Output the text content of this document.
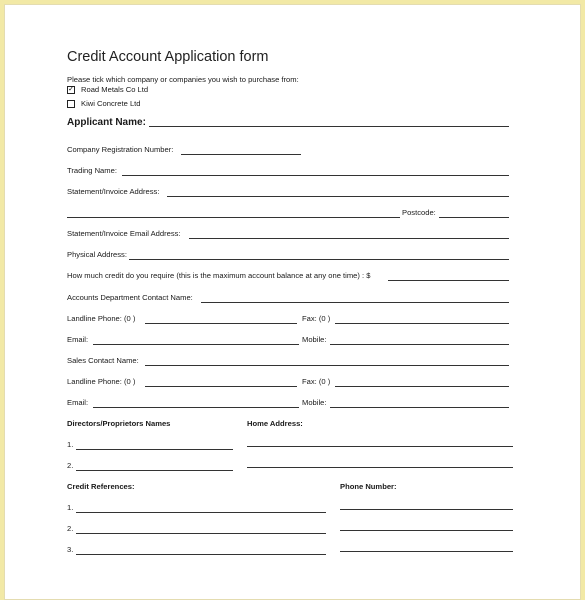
Credit Account Application form
Please tick which company or companies you wish to purchase from:
✓ Road Metals Co Ltd
Kiwi Concrete Ltd
Applicant Name:
Company Registration Number:
Trading Name:
Statement/Invoice Address:
Postcode:
Statement/Invoice Email Address:
Physical Address:
How much credit do you require (this is the maximum account balance at any one time) : $
Accounts Department Contact Name:
Landline Phone: (0 )	Fax: (0 )
Email:	Mobile:
Sales Contact Name:
Landline Phone: (0 )	Fax: (0 )
Email:	Mobile:
Directors/Proprietors Names	Home Address:
1.
2.
Credit References:	Phone Number:
1.
2.
3.
